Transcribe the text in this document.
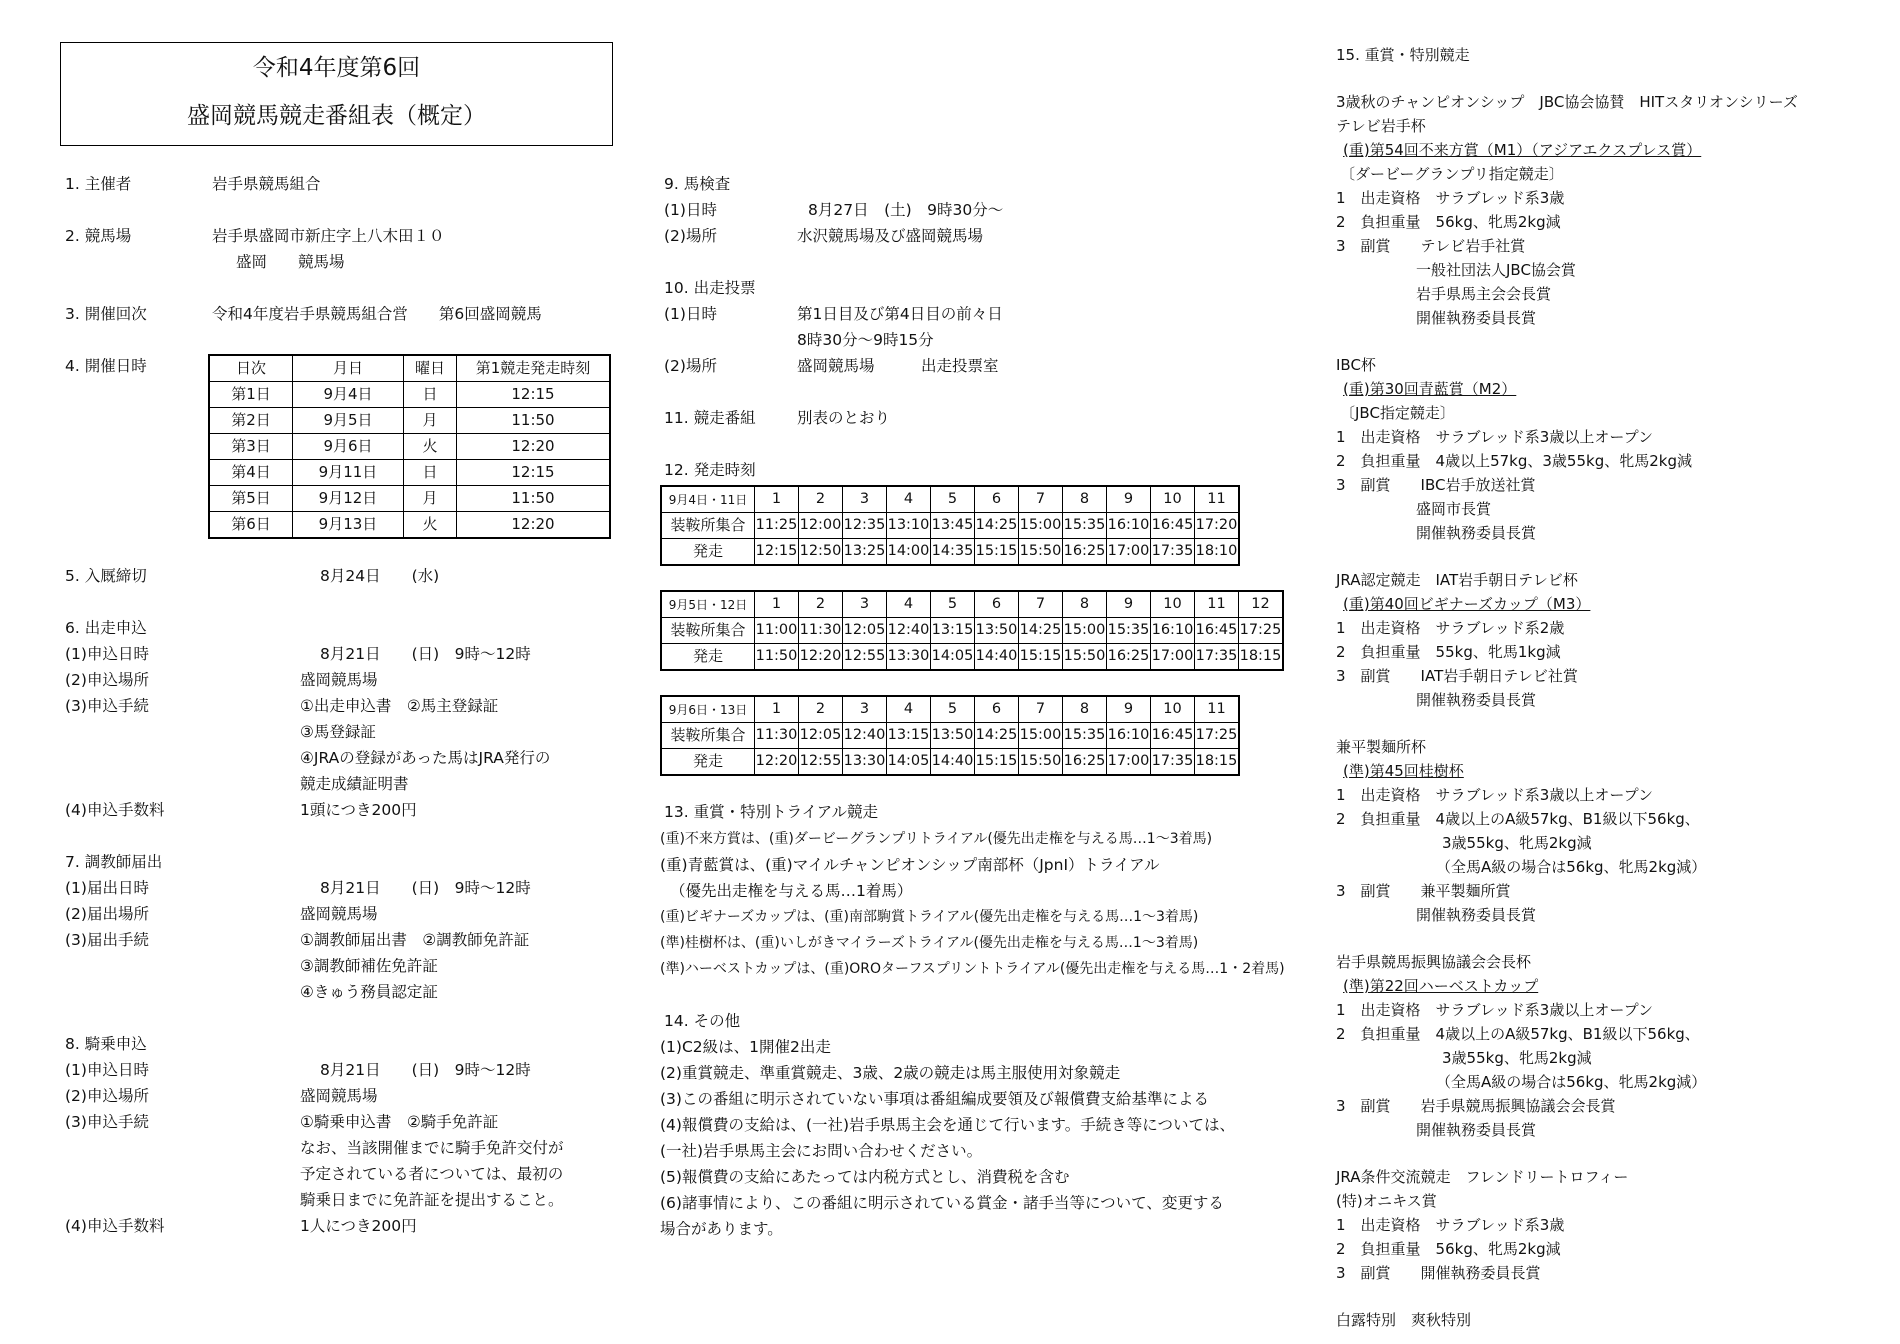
令和4年度第6回
盛岡競馬競走番組表（概定）
1. 主催者	岩手県競馬組合
2. 競馬場	岩手県盛岡市新庄字上八木田１０
盛岡　　競馬場
3. 開催回次	令和4年度岩手県競馬組合営　　第6回盛岡競馬
4. 開催日時	日次	月日	曜日	第1競走発走時刻
第1日	9月4日	日	12:15
第2日	9月5日	月	11:50
第3日	9月6日	火	12:20
第4日	9月11日	日	12:15
第5日	9月12日	月	11:50
第6日	9月13日	火	12:20
5. 入厩締切	8月24日　　(水)
6. 出走申込
(1)申込日時	8月21日　　(日)　9時～12時
(2)申込場所	盛岡競馬場
(3)申込手続	①出走申込書　②馬主登録証
③馬登録証
④JRAの登録があった馬はJRA発行の
競走成績証明書
(4)申込手数料	1頭につき200円
7. 調教師届出
(1)届出日時	8月21日　　(日)　9時～12時
(2)届出場所	盛岡競馬場
(3)届出手続	①調教師届出書　②調教師免許証
③調教師補佐免許証
④きゅう務員認定証
8. 騎乗申込
(1)申込日時	8月21日　　(日)　9時～12時
(2)申込場所	盛岡競馬場
(3)申込手続	①騎乗申込書　②騎手免許証
なお、当該開催までに騎手免許交付が
予定されている者については、最初の
騎乗日までに免許証を提出すること。
(4)申込手数料	1人につき200円
9. 馬検査
(1)日時	8月27日　(土)　9時30分～
(2)場所	水沢競馬場及び盛岡競馬場
10. 出走投票
(1)日時	第1日目及び第4日目の前々日
8時30分～9時15分
(2)場所	盛岡競馬場　　　出走投票室
11. 競走番組	別表のとおり
12. 発走時刻
9月4日・11日	1	2	3	4	5	6	7	8	9	10	11
装鞍所集合	11:25	12:00	12:35	13:10	13:45	14:25	15:00	15:35	16:10	16:45	17:20
発走	12:15	12:50	13:25	14:00	14:35	15:15	15:50	16:25	17:00	17:35	18:10
9月5日・12日	1	2	3	4	5	6	7	8	9	10	11	12
装鞍所集合	11:00	11:30	12:05	12:40	13:15	13:50	14:25	15:00	15:35	16:10	16:45	17:25
発走	11:50	12:20	12:55	13:30	14:05	14:40	15:15	15:50	16:25	17:00	17:35	18:15
9月6日・13日	1	2	3	4	5	6	7	8	9	10	11
装鞍所集合	11:30	12:05	12:40	13:15	13:50	14:25	15:00	15:35	16:10	16:45	17:25
発走	12:20	12:55	13:30	14:05	14:40	15:15	15:50	16:25	17:00	17:35	18:15
13. 重賞・特別トライアル競走
(重)不来方賞は、(重)ダービーグランプリトライアル(優先出走権を与える馬…1～3着馬)
(重)青藍賞は、(重)マイルチャンピオンシップ南部杯（JpnⅠ）トライアル
（優先出走権を与える馬…1着馬）
(重)ビギナーズカップは、(重)南部駒賞トライアル(優先出走権を与える馬…1～3着馬)
(準)桂樹杯は、(重)いしがきマイラーズトライアル(優先出走権を与える馬…1～3着馬)
(準)ハーベストカップは、(重)OROターフスプリントトライアル(優先出走権を与える馬…1・2着馬)
14. その他
(1)C2級は、1開催2出走
(2)重賞競走、準重賞競走、3歳、2歳の競走は馬主服使用対象競走
(3)この番組に明示されていない事項は番組編成要領及び報償費支給基準による
(4)報償費の支給は、(一社)岩手県馬主会を通じて行います。手続き等については、
(一社)岩手県馬主会にお問い合わせください。
(5)報償費の支給にあたっては内税方式とし、消費税を含む
(6)諸事情により、この番組に明示されている賞金・諸手当等について、変更する
場合があります。
15. 重賞・特別競走
3歳秋のチャンピオンシップ　JBC協会協賛　HITスタリオンシリーズ
テレビ岩手杯
(重)第54回不来方賞（M1）（アジアエクスプレス賞）
〔ダービーグランプリ指定競走〕
1　出走資格　サラブレッド系3歳
2　負担重量　56kg、牝馬2kg減
3　副賞　　テレビ岩手社賞
一般社団法人JBC協会賞
岩手県馬主会会長賞
開催執務委員長賞
IBC杯
(重)第30回青藍賞（M2）
〔JBC指定競走〕
1　出走資格　サラブレッド系3歳以上オープン
2　負担重量　4歳以上57kg、3歳55kg、牝馬2kg減
3　副賞　　IBC岩手放送社賞
盛岡市長賞
開催執務委員長賞
JRA認定競走　IAT岩手朝日テレビ杯
(重)第40回ビギナーズカップ（M3）
1　出走資格　サラブレッド系2歳
2　負担重量　55kg、牝馬1kg減
3　副賞　　IAT岩手朝日テレビ社賞
開催執務委員長賞
兼平製麺所杯
(準)第45回桂樹杯
1　出走資格　サラブレッド系3歳以上オープン
2　負担重量　4歳以上のA級57kg、B1級以下56kg、
3歳55kg、牝馬2kg減
（全馬A級の場合は56kg、牝馬2kg減）
3　副賞　　兼平製麺所賞
開催執務委員長賞
岩手県競馬振興協議会会長杯
(準)第22回ハーベストカップ
1　出走資格　サラブレッド系3歳以上オープン
2　負担重量　4歳以上のA級57kg、B1級以下56kg、
3歳55kg、牝馬2kg減
（全馬A級の場合は56kg、牝馬2kg減）
3　副賞　　岩手県競馬振興協議会会長賞
開催執務委員長賞
JRA条件交流競走　フレンドリートロフィー
(特)オニキス賞
1　出走資格　サラブレッド系3歳
2　負担重量　56kg、牝馬2kg減
3　副賞　　開催執務委員長賞
白露特別　爽秋特別
